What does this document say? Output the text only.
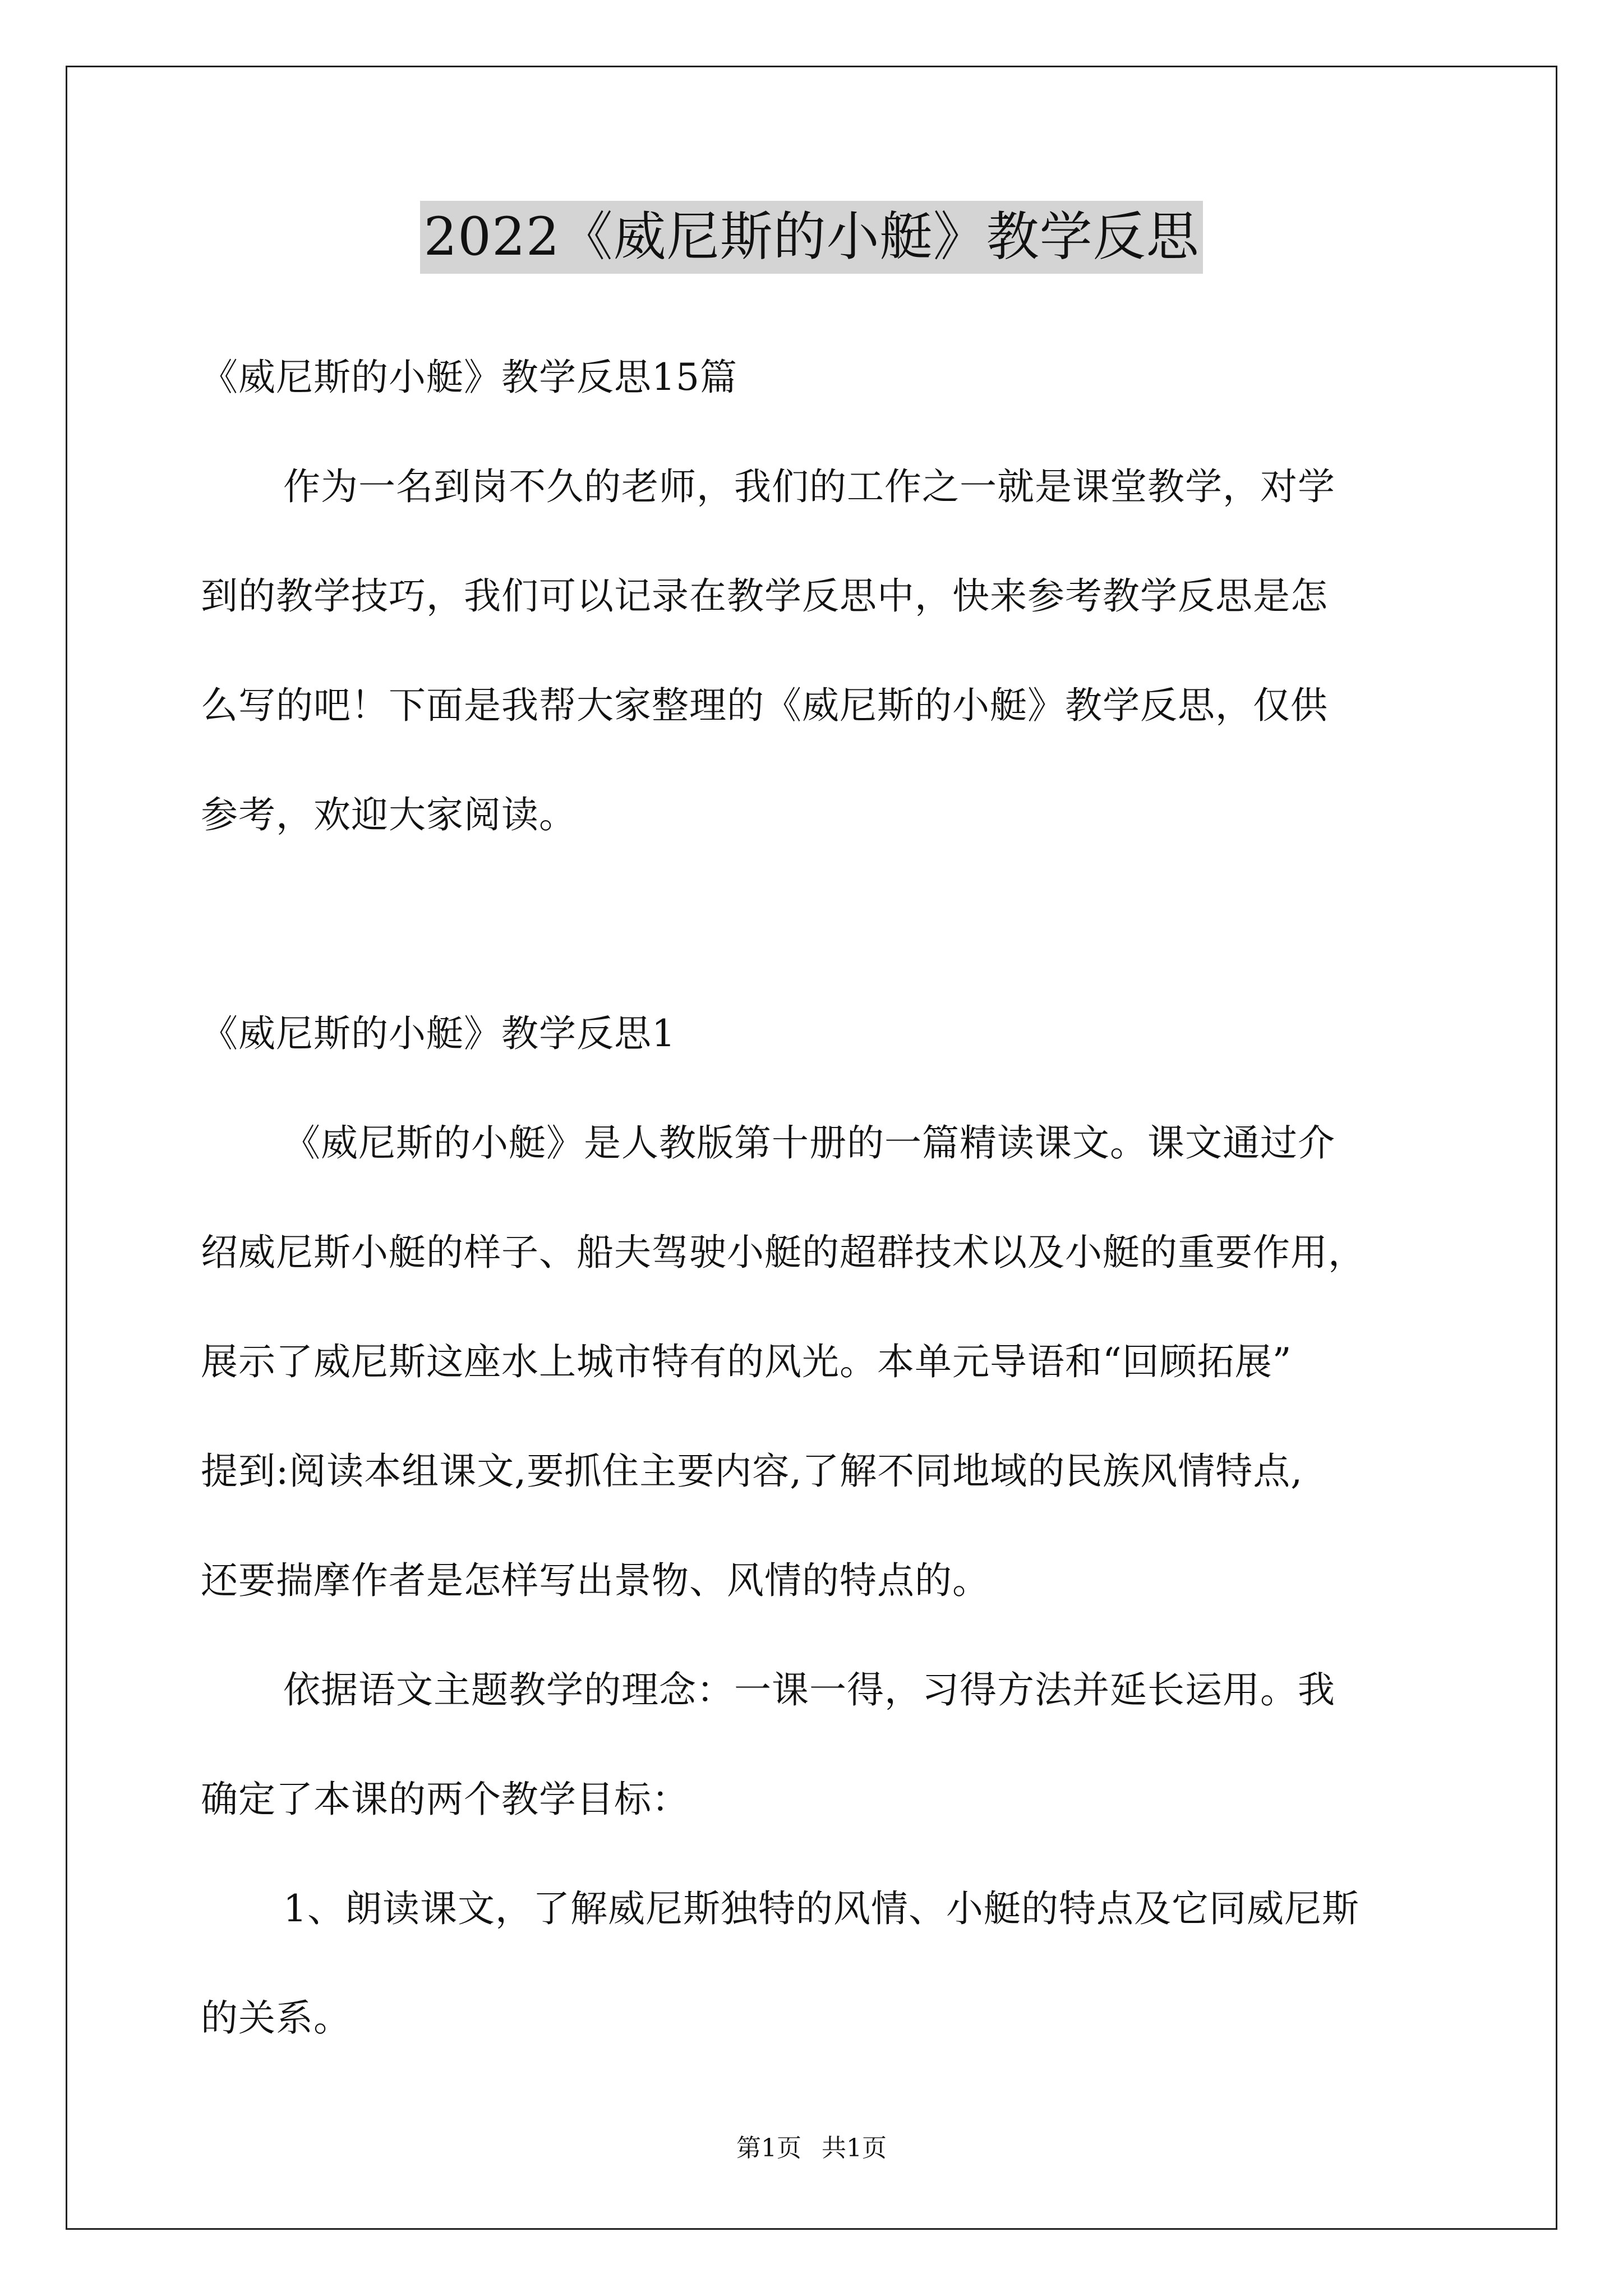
2022《威尼斯的小艇》教学反思
《威尼斯的小艇》教学反思15篇
作为一名到岗不久的老师，我们的工作之一就是课堂教学，对学
到的教学技巧，我们可以记录在教学反思中，快来参考教学反思是怎
么写的吧！下面是我帮大家整理的《威尼斯的小艇》教学反思，仅供
参考，欢迎大家阅读。
《威尼斯的小艇》教学反思1
《威尼斯的小艇》是人教版第十册的一篇精读课文。课文通过介
绍威尼斯小艇的样子、船夫驾驶小艇的超群技术以及小艇的重要作用，
展示了威尼斯这座水上城市特有的风光。本单元导语和“回顾拓展”
提到:阅读本组课文,要抓住主要内容,了解不同地域的民族风情特点,
还要揣摩作者是怎样写出景物、风情的特点的。
依据语文主题教学的理念：一课一得，习得方法并延长运用。我
确定了本课的两个教学目标：
1、朗读课文，了解威尼斯独特的风情、小艇的特点及它同威尼斯
的关系。
第1页 共1页
